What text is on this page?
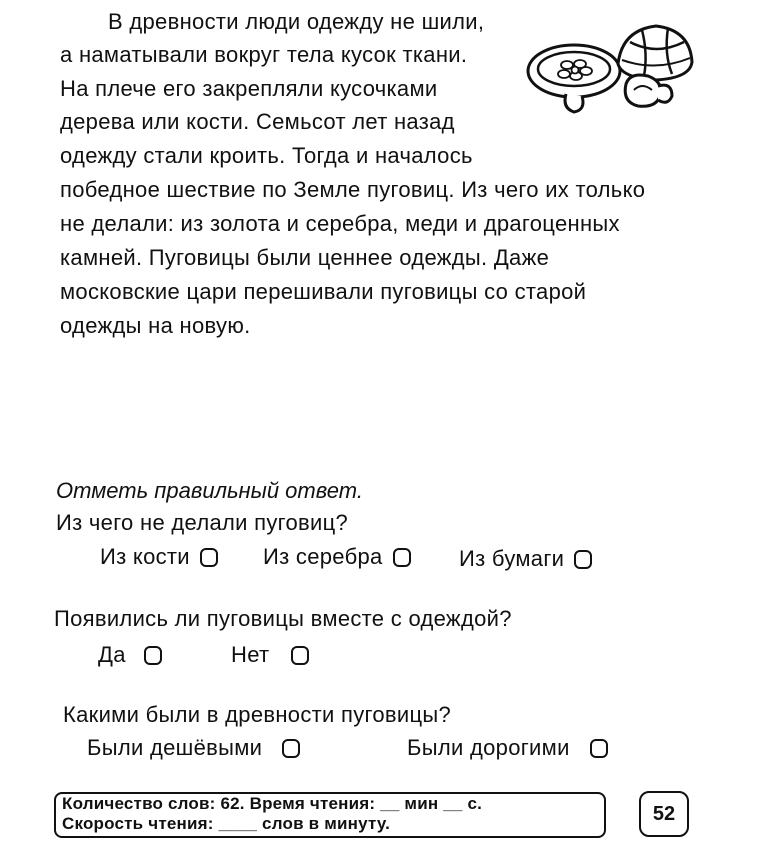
В древности люди одежду не шили,
а наматывали вокруг тела кусок ткани.
На плече его закрепляли кусочками
дерева или кости. Семьсот лет назад
одежду стали кроить. Тогда и началось
победное шествие по Земле пуговиц. Из чего их только
не делали: из золота и серебра, меди и драгоценных
камней. Пуговицы были ценнее одежды. Даже
московские цари перешивали пуговицы со старой
одежды на новую.
Отметь правильный ответ.
Из чего не делали пуговиц?
Из кости	Из серебра	Из бумаги
Появились ли пуговицы вместе с одеждой?
Да	Нет
Какими были в древности пуговицы?
Были дешёвыми	Были дорогими
Количество слов: 62. Время чтения: __ мин __ с.
Скорость чтения: ____ слов в минуту.	52
